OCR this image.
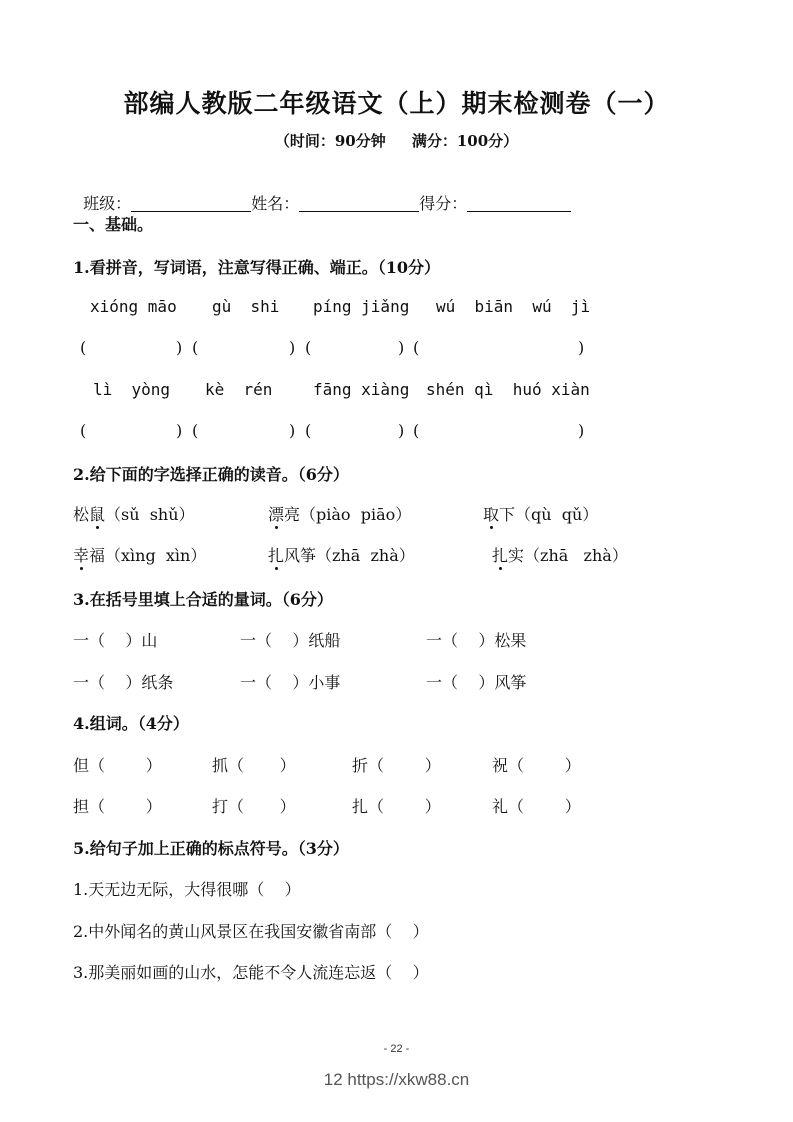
部编人教版二年级语文（上）期末检测卷（一）
（时间：90分钟     满分：100分）

班级：	姓名：	得分：

一、基础。
1.看拼音，写词语，注意写得正确、端正。（10分）
xióng māo gù  shi píng jiǎng wú  biān  wú  jì
(	) (	) (	) (	)
lì  yòng kè  rén	fāng xiàng shén qì  huó xiàn
(	) (	) (	) (	)
2.给下面的字选择正确的读音。（6分）
松鼠（sǔ  shǔ）	漂亮（piào  piāo）	取下（qù  qǔ）
幸福（xìng  xìn）	扎风筝（zhā  zhà）	扎实（zhā   zhà）
3.在括号里填上合适的量词。（6分）
一（    ）山	一（    ）纸船	一（    ）松果
一（    ）纸条	一（    ）小事	一（    ）风筝
4.组词。（4分）
但（        ）	抓（       ）	折（        ）	祝（        ）
担（        ）	打（       ）	扎（        ）	礼（        ）
5.给句子加上正确的标点符号。（3分）
1.天无边无际，大得很哪（    ）
2.中外闻名的黄山风景区在我国安徽省南部（    ）
3.那美丽如画的山水，怎能不令人流连忘返（    ）
- 22 -
12 https://xkw88.cn
